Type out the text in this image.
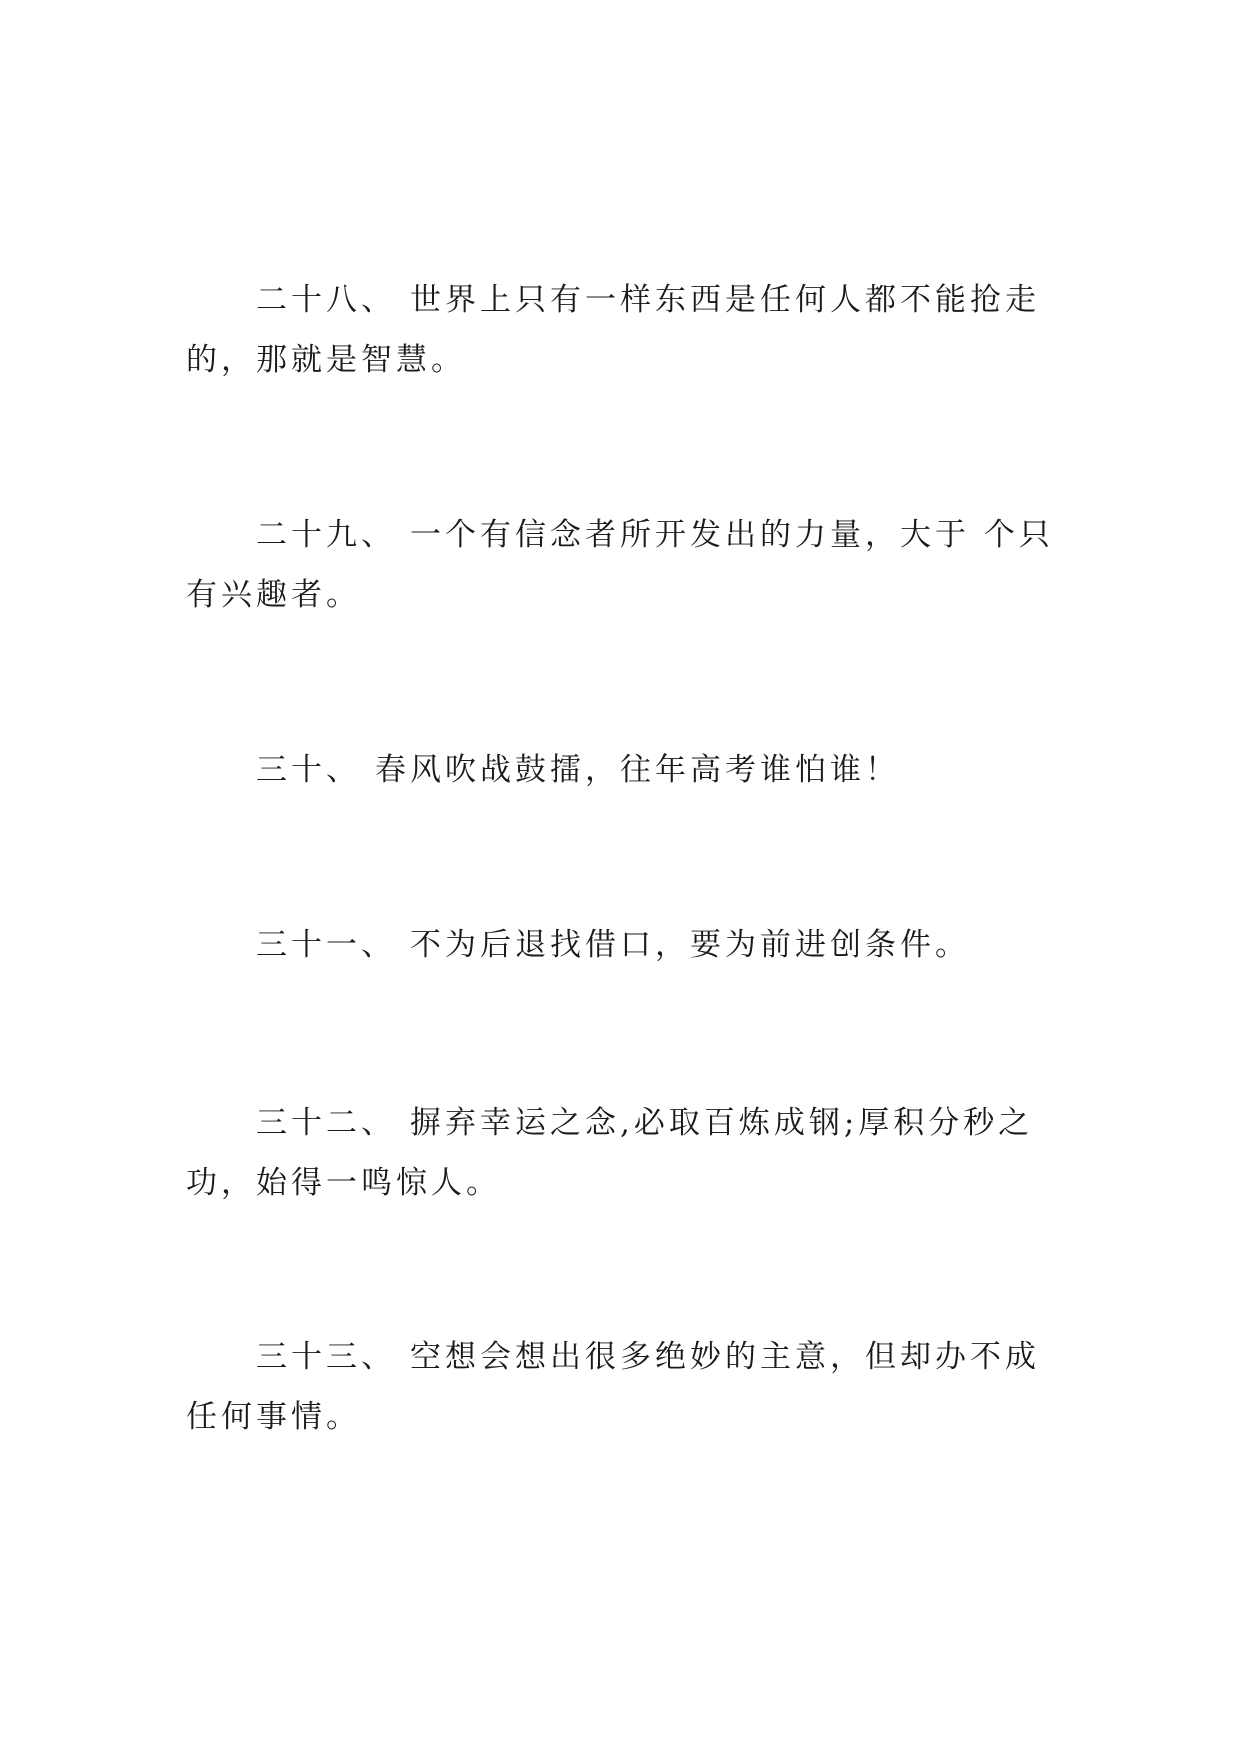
二十八、 世界上只有一样东西是任何人都不能抢走的，那就是智慧。

二十九、 一个有信念者所开发出的力量，大于 个只有兴趣者。

三十、 春风吹战鼓擂，往年高考谁怕谁！

三十一、 不为后退找借口，要为前进创条件。

三十二、 摒弃幸运之念,必取百炼成钢;厚积分秒之功，始得一鸣惊人。

三十三、 空想会想出很多绝妙的主意，但却办不成任何事情。
